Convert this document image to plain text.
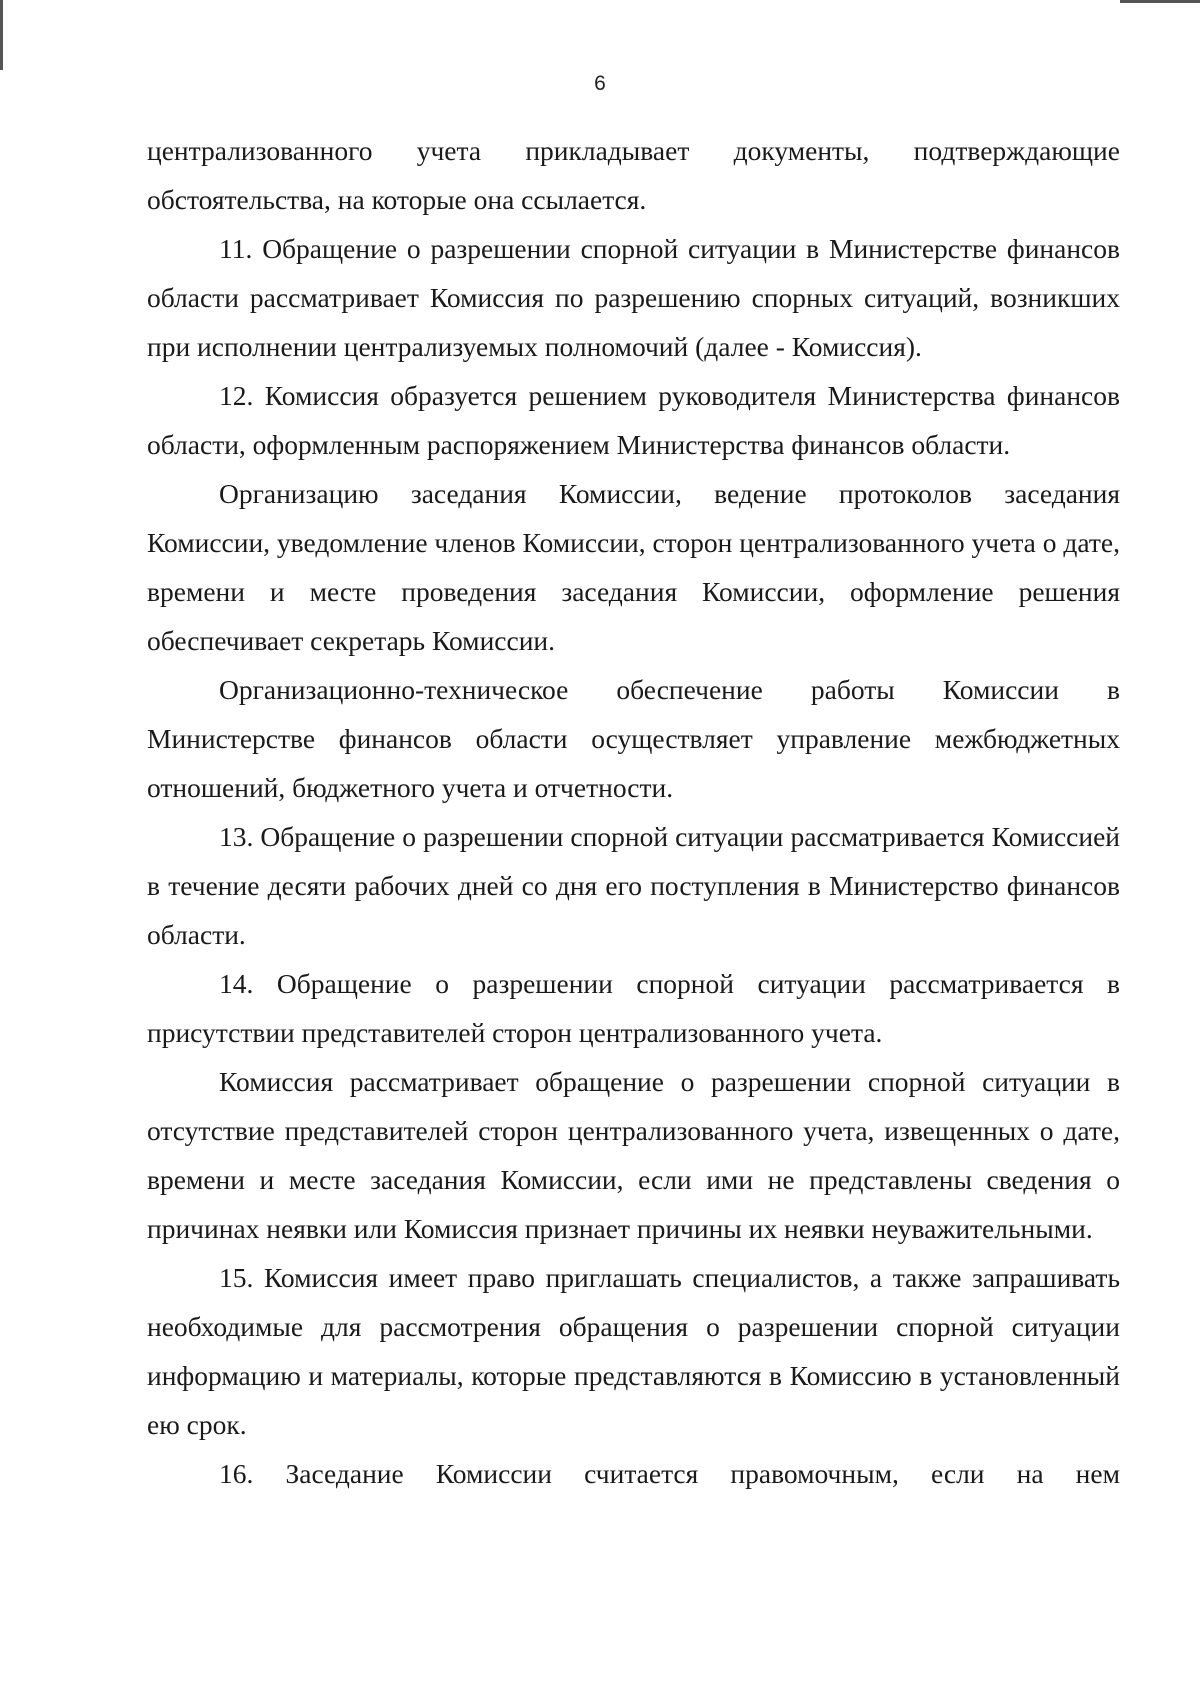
6

централизованного учета прикладывает документы, подтверждающие обстоятельства, на которые она ссылается.

11. Обращение о разрешении спорной ситуации в Министерстве финансов области рассматривает Комиссия по разрешению спорных ситуаций, возникших при исполнении централизуемых полномочий (далее - Комиссия).

12. Комиссия образуется решением руководителя Министерства финансов области, оформленным распоряжением Министерства финансов области.

Организацию заседания Комиссии, ведение протоколов заседания Комиссии, уведомление членов Комиссии, сторон централизованного учета о дате, времени и месте проведения заседания Комиссии, оформление решения обеспечивает секретарь Комиссии.

Организационно-техническое обеспечение работы Комиссии в Министерстве финансов области осуществляет управление межбюджетных отношений, бюджетного учета и отчетности.

13. Обращение о разрешении спорной ситуации рассматривается Комиссией в течение десяти рабочих дней со дня его поступления в Министерство финансов области.

14. Обращение о разрешении спорной ситуации рассматривается в присутствии представителей сторон централизованного учета.

Комиссия рассматривает обращение о разрешении спорной ситуации в отсутствие представителей сторон централизованного учета, извещенных о дате, времени и месте заседания Комиссии, если ими не представлены сведения о причинах неявки или Комиссия признает причины их неявки неуважительными.

15. Комиссия имеет право приглашать специалистов, а также запрашивать необходимые для рассмотрения обращения о разрешении спорной ситуации информацию и материалы, которые представляются в Комиссию в установленный ею срок.

16. Заседание Комиссии считается правомочным, если на нем
